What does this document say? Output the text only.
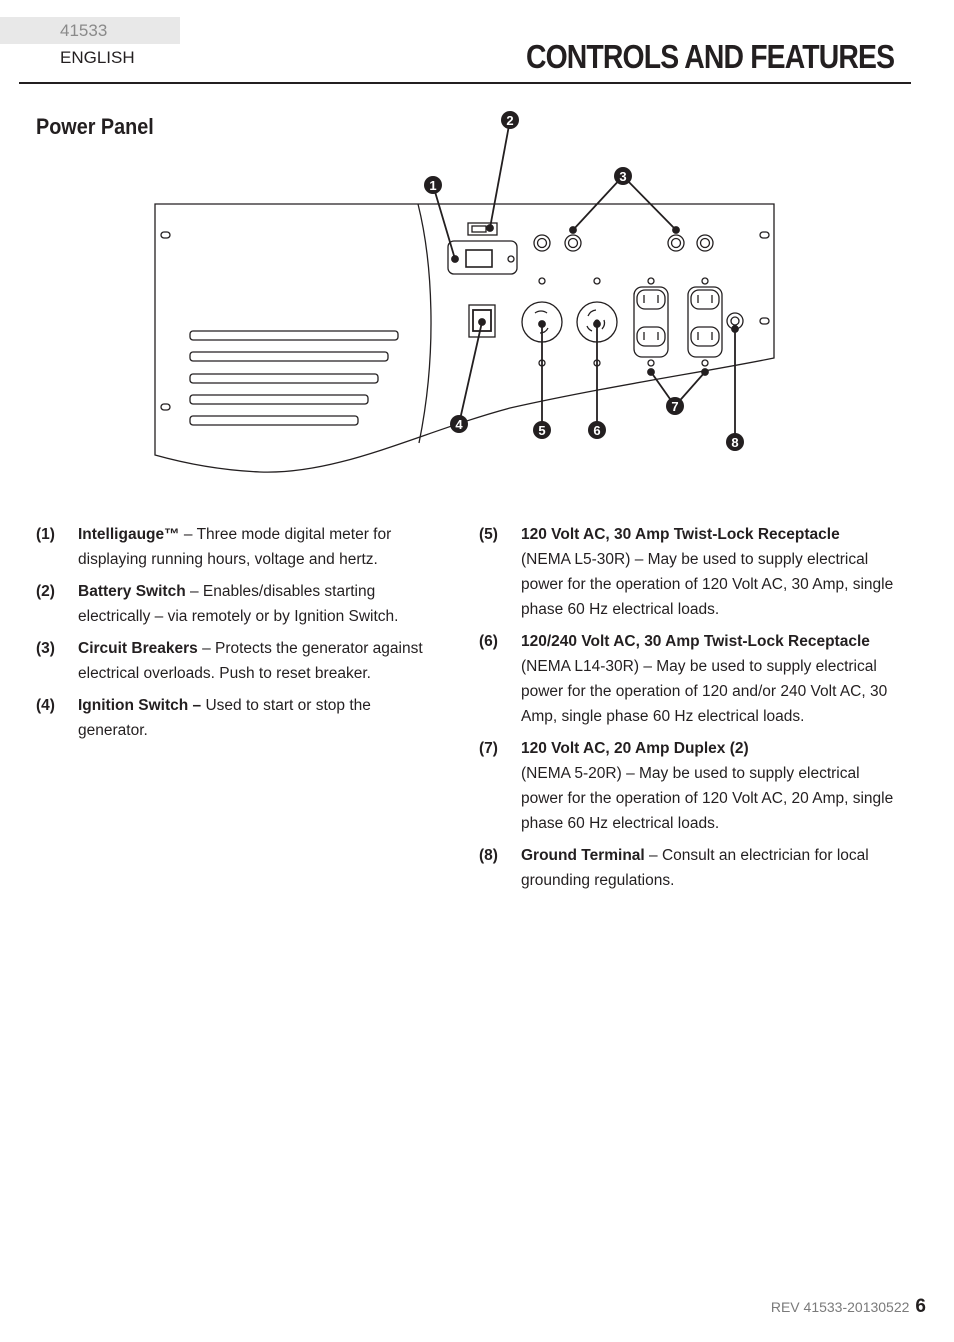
41533 ENGLISH	CONTROLS AND FEATURES
Power Panel
1
2
3
4	5	6
7
8
(1) Intelligauge™ – Three mode digital meter for displaying running hours, voltage and hertz.
(2) Battery Switch – Enables/disables starting electrically – via remotely or by Ignition Switch.
(3) Circuit Breakers – Protects the generator against electrical overloads. Push to reset breaker.
(4) Ignition Switch – Used to start or stop the generator.
(5) 120 Volt AC, 30 Amp Twist-Lock Receptacle
(NEMA L5-30R) – May be used to supply electrical power for the operation of 120 Volt AC, 30 Amp, single phase 60 Hz electrical loads.
(6) 120/240 Volt AC, 30 Amp Twist-Lock Receptacle
(NEMA L14-30R) – May be used to supply electrical power for the operation of 120 and/or 240 Volt AC, 30 Amp, single phase 60 Hz electrical loads.
(7) 120 Volt AC, 20 Amp Duplex (2)
(NEMA 5-20R) – May be used to supply electrical power for the operation of 120 Volt AC, 20 Amp, single phase 60 Hz electrical loads.
(8) Ground Terminal – Consult an electrician for local grounding regulations.
REV 41533-20130522 6
